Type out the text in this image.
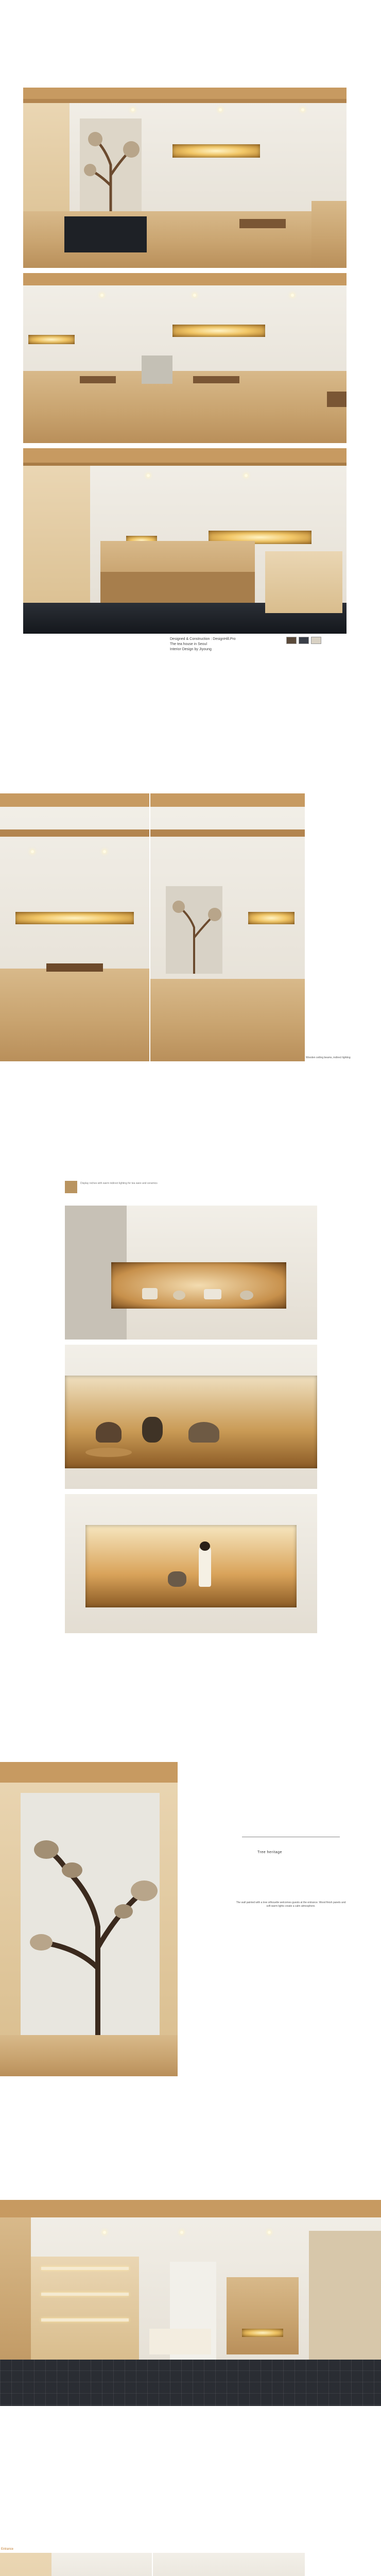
Designed & Construction : DesignHill.Pro
The tea house in Seoul
Interior Design by Jiyoung
Wooden ceiling beams, indirect lighting
Display niches with warm indirect lighting for tea ware and ceramics
Tree heritage
The wall painted with a tree silhouette welcomes guests at the entrance. Wood finish panels and soft warm lights create a calm atmosphere.
Entrance
